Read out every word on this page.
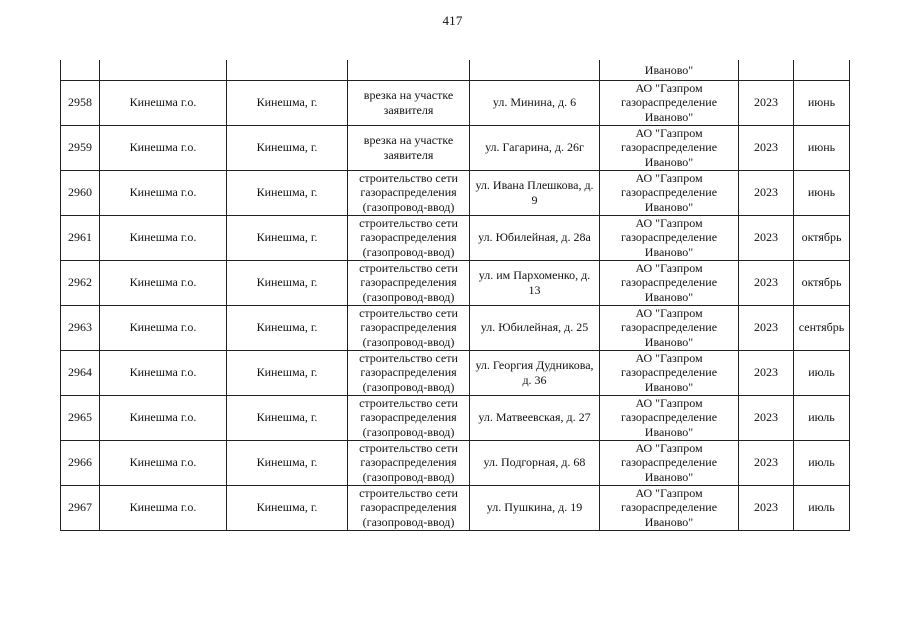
417
					Иваново"		
2958	Кинешма г.о.	Кинешма, г.	врезка на участке заявителя	ул. Минина, д. 6	АО "Газпром газораспределение Иваново"	2023	июнь
2959	Кинешма г.о.	Кинешма, г.	врезка на участке заявителя	ул. Гагарина, д. 26г	АО "Газпром газораспределение Иваново"	2023	июнь
2960	Кинешма г.о.	Кинешма, г.	строительство сети газораспределения (газопровод-ввод)	ул. Ивана Плешкова, д. 9	АО "Газпром газораспределение Иваново"	2023	июнь
2961	Кинешма г.о.	Кинешма, г.	строительство сети газораспределения (газопровод-ввод)	ул. Юбилейная, д. 28а	АО "Газпром газораспределение Иваново"	2023	октябрь
2962	Кинешма г.о.	Кинешма, г.	строительство сети газораспределения (газопровод-ввод)	ул. им Пархоменко, д. 13	АО "Газпром газораспределение Иваново"	2023	октябрь
2963	Кинешма г.о.	Кинешма, г.	строительство сети газораспределения (газопровод-ввод)	ул. Юбилейная, д. 25	АО "Газпром газораспределение Иваново"	2023	сентябрь
2964	Кинешма г.о.	Кинешма, г.	строительство сети газораспределения (газопровод-ввод)	ул. Георгия Дудникова, д. 36	АО "Газпром газораспределение Иваново"	2023	июль
2965	Кинешма г.о.	Кинешма, г.	строительство сети газораспределения (газопровод-ввод)	ул. Матвеевская, д. 27	АО "Газпром газораспределение Иваново"	2023	июль
2966	Кинешма г.о.	Кинешма, г.	строительство сети газораспределения (газопровод-ввод)	ул. Подгорная, д. 68	АО "Газпром газораспределение Иваново"	2023	июль
2967	Кинешма г.о.	Кинешма, г.	строительство сети газораспределения (газопровод-ввод)	ул. Пушкина, д. 19	АО "Газпром газораспределение Иваново"	2023	июль
